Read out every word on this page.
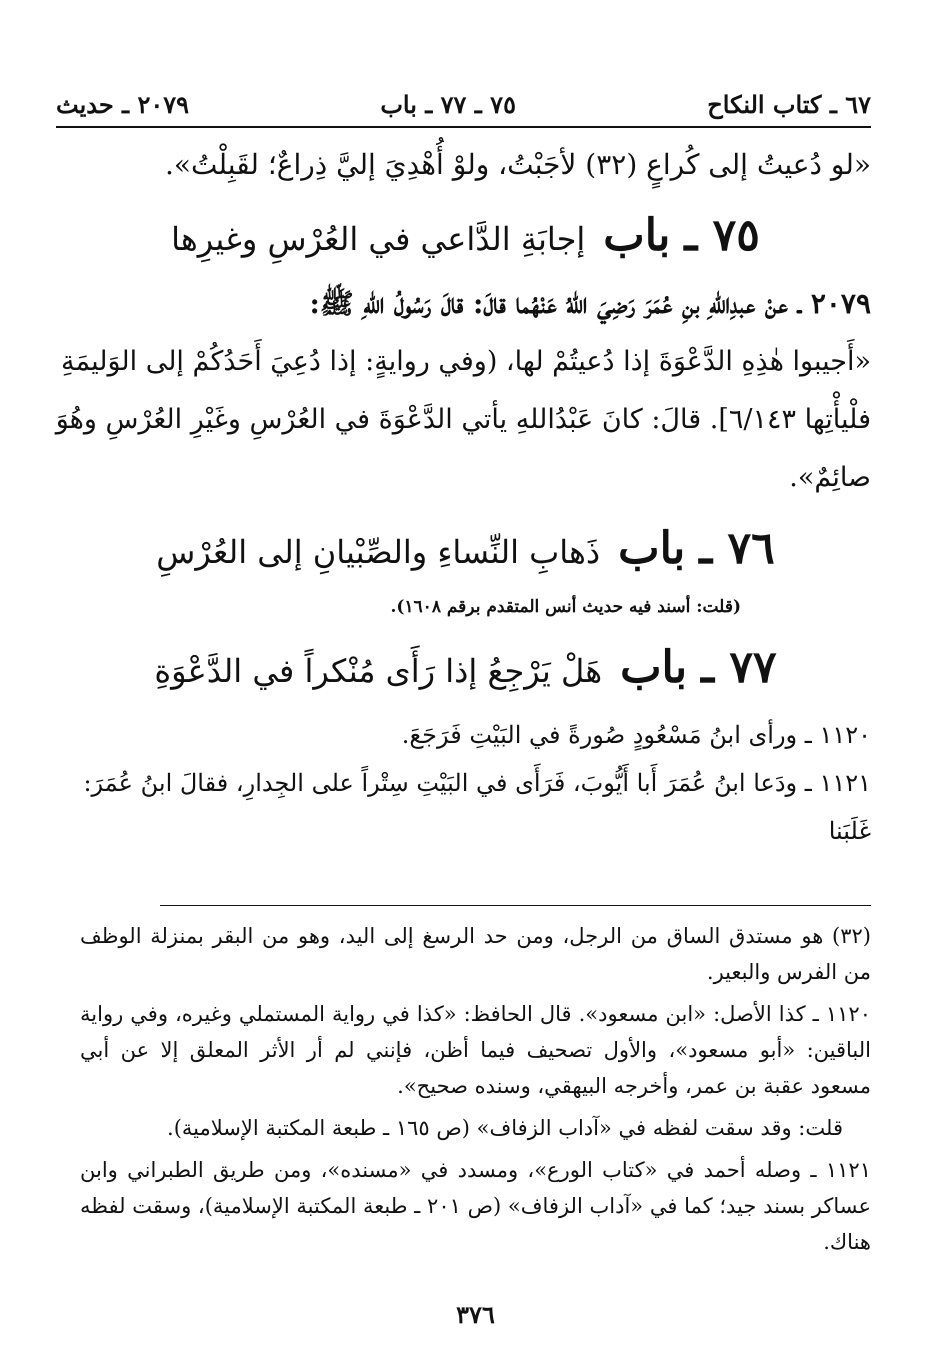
٦٧ ـ كتاب النكاح
٧٥ ـ ٧٧ ـ باب
٢٠٧٩ ـ حديث
«لو دُعيتُ إلى كُراعٍ (٣٢) لأجَبْتُ، ولوْ أُهْدِيَ إليَّ ذِراعٌ؛ لقَبِلْتُ».
٧٥ ـ
باب
إجابَةِ الدَّاعي في العُرْسِ وغيرِها
٢٠٧٩ ـ عنْ عبدِاللهِ بنِ عُمَرَ رَضِيَ اللهُ عَنْهُما قالَ: قالَ رَسُولُ اللهِ ﷺ:
«أَجيبوا هٰذِهِ الدَّعْوَةَ إذا دُعيتُمْ لها، (وفي روايةٍ: إذا دُعِيَ أَحَدُكُمْ إلى الوَليمَةِ
فلْيأْتِها ٦/١٤٣]. قالَ: كانَ عَبْدُاللهِ يأتي الدَّعْوَةَ في العُرْسِ وغَيْرِ العُرْسِ وهُوَ
صائِمٌ».
٧٦ ـ
باب
ذَهابِ النِّساءِ والصِّبْيانِ إلى العُرْسِ
(قلت: أسند فيه حديث أنس المتقدم برقم ١٦٠٨).
٧٧ ـ
باب
هَلْ يَرْجِعُ إذا رَأَى مُنْكراً في الدَّعْوَةِ
١١٢٠ ـ ورأى ابنُ مَسْعُودٍ صُورةً في البَيْتِ فَرَجَعَ.
١١٢١ ـ ودَعا ابنُ عُمَرَ أَبا أَيُّوبَ، فَرَأَى في البَيْتِ سِتْراً على الجِدارِ، فقالَ ابنُ عُمَرَ: غَلَبَنا
(٣٢) هو مستدق الساق من الرجل، ومن حد الرسغ إلى اليد، وهو من البقر بمنزلة الوظف من الفرس والبعير.
١١٢٠ ـ كذا الأصل: «ابن مسعود». قال الحافظ: «كذا في رواية المستملي وغيره، وفي رواية الباقين: «أبو مسعود»، والأول تصحيف فيما أظن، فإنني لم أر الأثر المعلق إلا عن أبي مسعود عقبة بن عمر، وأخرجه البيهقي، وسنده صحيح».
قلت: وقد سقت لفظه في «آداب الزفاف» (ص ١٦٥ ـ طبعة المكتبة الإسلامية).
١١٢١ ـ وصله أحمد في «كتاب الورع»، ومسدد في «مسنده»، ومن طريق الطبراني وابن عساكر بسند جيد؛ كما في «آداب الزفاف» (ص ٢٠١ ـ طبعة المكتبة الإسلامية)، وسقت لفظه هناك.
٣٧٦
